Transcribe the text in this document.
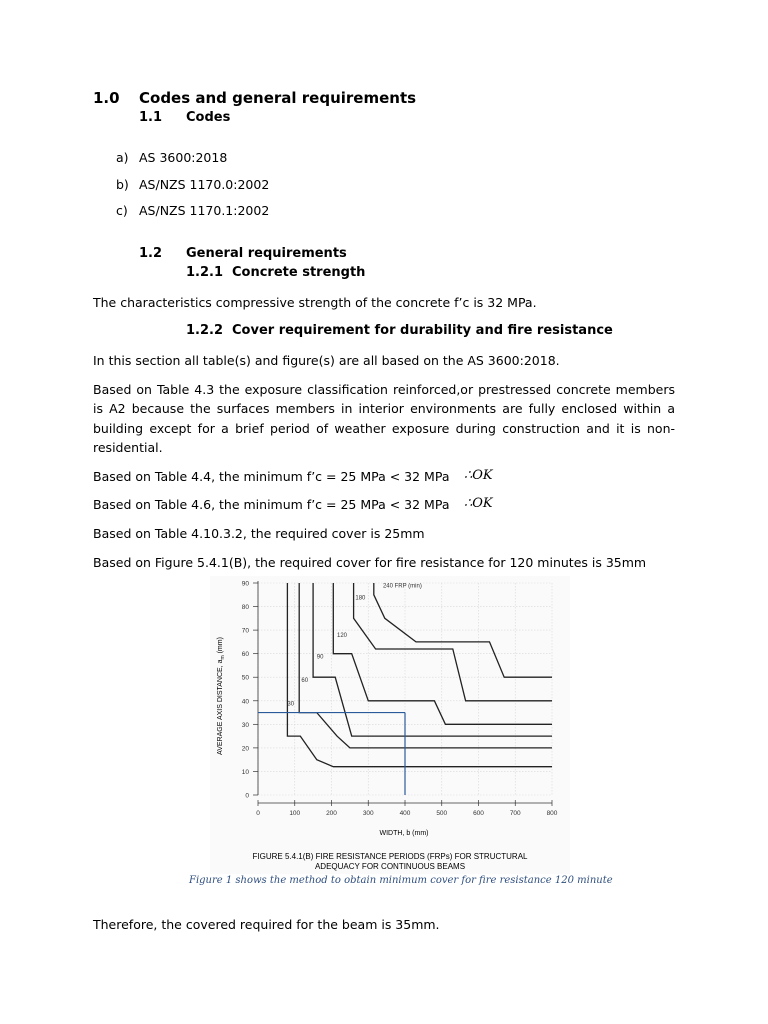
1.0 Codes and general requirements
1.1 Codes
a) AS 3600:2018
b) AS/NZS 1170.0:2002
c) AS/NZS 1170.1:2002
1.2 General requirements
1.2.1 Concrete strength
The characteristics compressive strength of the concrete f’c is 32 MPa.
1.2.2 Cover requirement for durability and fire resistance
In this section all table(s) and figure(s) are all based on the AS 3600:2018.
Based on Table 4.3 the exposure classification reinforced,or prestressed concrete members is A2 because the surfaces members in interior environments are fully enclosed within a building except for a brief period of weather exposure during construction and it is non-residential.
Based on Table 4.4, the minimum f’c = 25 MPa < 32 MPa ∴OK
Based on Table 4.6, the minimum f’c = 25 MPa < 32 MPa ∴OK
Based on Table 4.10.3.2, the required cover is 25mm
Based on Figure 5.4.1(B), the required cover for fire resistance for 120 minutes is 35mm
0
10
20
30
40
50
60
70
80
90
0	100	200	300	400	500	600	700	800
240 FRP (min)
180
120
90
60
30
AVERAGE AXIS DISTANCE, $a_m$ (mm)
WIDTH, b (mm)
FIGURE 5.4.1(B) FIRE RESISTANCE PERIODS (FRPs) FOR STRUCTURAL
ADEQUACY FOR CONTINUOUS BEAMS
Figure 1 shows the method to obtain minimum cover for fire resistance 120 minute
Therefore, the covered required for the beam is 35mm.
